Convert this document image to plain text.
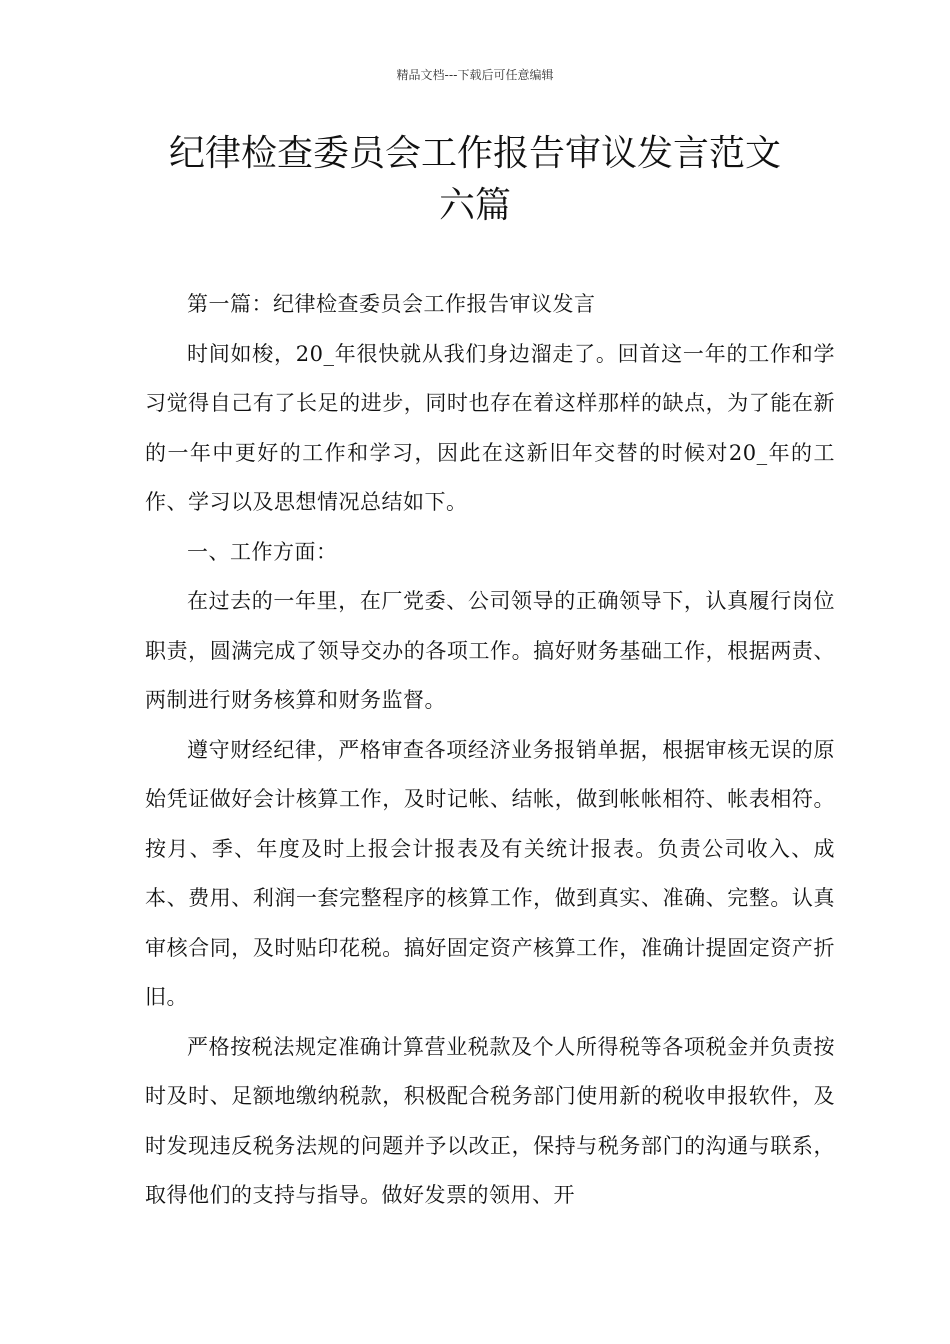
精品文档---下载后可任意编辑
纪律检查委员会工作报告审议发言范文
六篇

第一篇：纪律检查委员会工作报告审议发言

时间如梭，20_年很快就从我们身边溜走了。回首这一年的工作和学习觉得自己有了长足的进步，同时也存在着这样那样的缺点，为了能在新的一年中更好的工作和学习，因此在这新旧年交替的时候对20_年的工作、学习以及思想情况总结如下。

一、工作方面：

在过去的一年里，在厂党委、公司领导的正确领导下，认真履行岗位职责，圆满完成了领导交办的各项工作。搞好财务基础工作，根据两责、两制进行财务核算和财务监督。

遵守财经纪律，严格审查各项经济业务报销单据，根据审核无误的原始凭证做好会计核算工作，及时记帐、结帐，做到帐帐相符、帐表相符。按月、季、年度及时上报会计报表及有关统计报表。负责公司收入、成本、费用、利润一套完整程序的核算工作，做到真实、准确、完整。认真审核合同，及时贴印花税。搞好固定资产核算工作，准确计提固定资产折旧。

严格按税法规定准确计算营业税款及个人所得税等各项税金并负责按时及时、足额地缴纳税款，积极配合税务部门使用新的税收申报软件，及时发现违反税务法规的问题并予以改正，保持与税务部门的沟通与联系，取得他们的支持与指导。做好发票的领用、开
